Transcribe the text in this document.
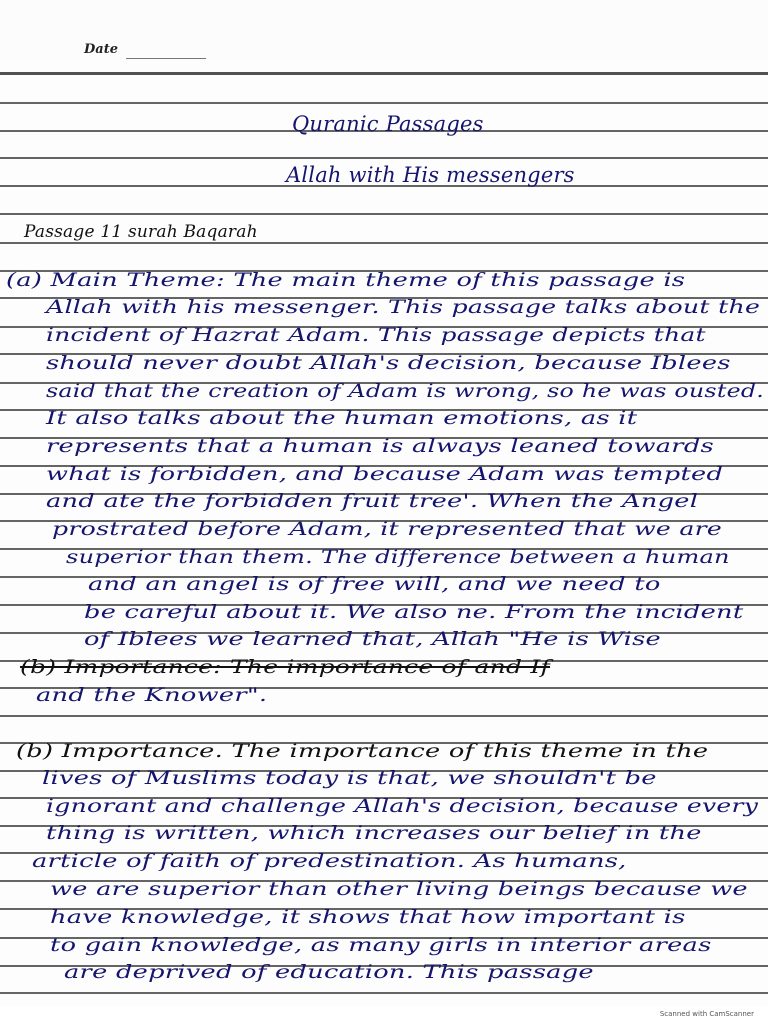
Date
Quranic Passages
Allah with His messengers
Passage 11 surah Baqarah
(a) Main Theme: The main theme of this passage is
Allah with his messenger. This passage talks about the
incident of Hazrat Adam. This passage depicts that
should never doubt Allah's decision, because Iblees
said that the creation of Adam is wrong, so he was ousted.
It also talks about the human emotions, as it
represents that a human is always leaned towards
what is forbidden, and because Adam was tempted
and ate the forbidden fruit tree'. When the Angel
prostrated before Adam, it represented that we are
superior than them. The difference between a human
and an angel is of free will, and we need to
be careful about it. We also ne. From the incident
of Iblees we learned that, Allah "He is Wise
(b) Importance: The importance of and If
and the Knower".
(b) Importance. The importance of this theme in the
lives of Muslims today is that, we shouldn't be
ignorant and challenge Allah's decision, because every
thing is written, which increases our belief in the
article of faith of predestination. As humans,
we are superior than other living beings because we
have knowledge, it shows that how important is
to gain knowledge, as many girls in interior areas
are deprived of education. This passage
Scanned with CamScanner
